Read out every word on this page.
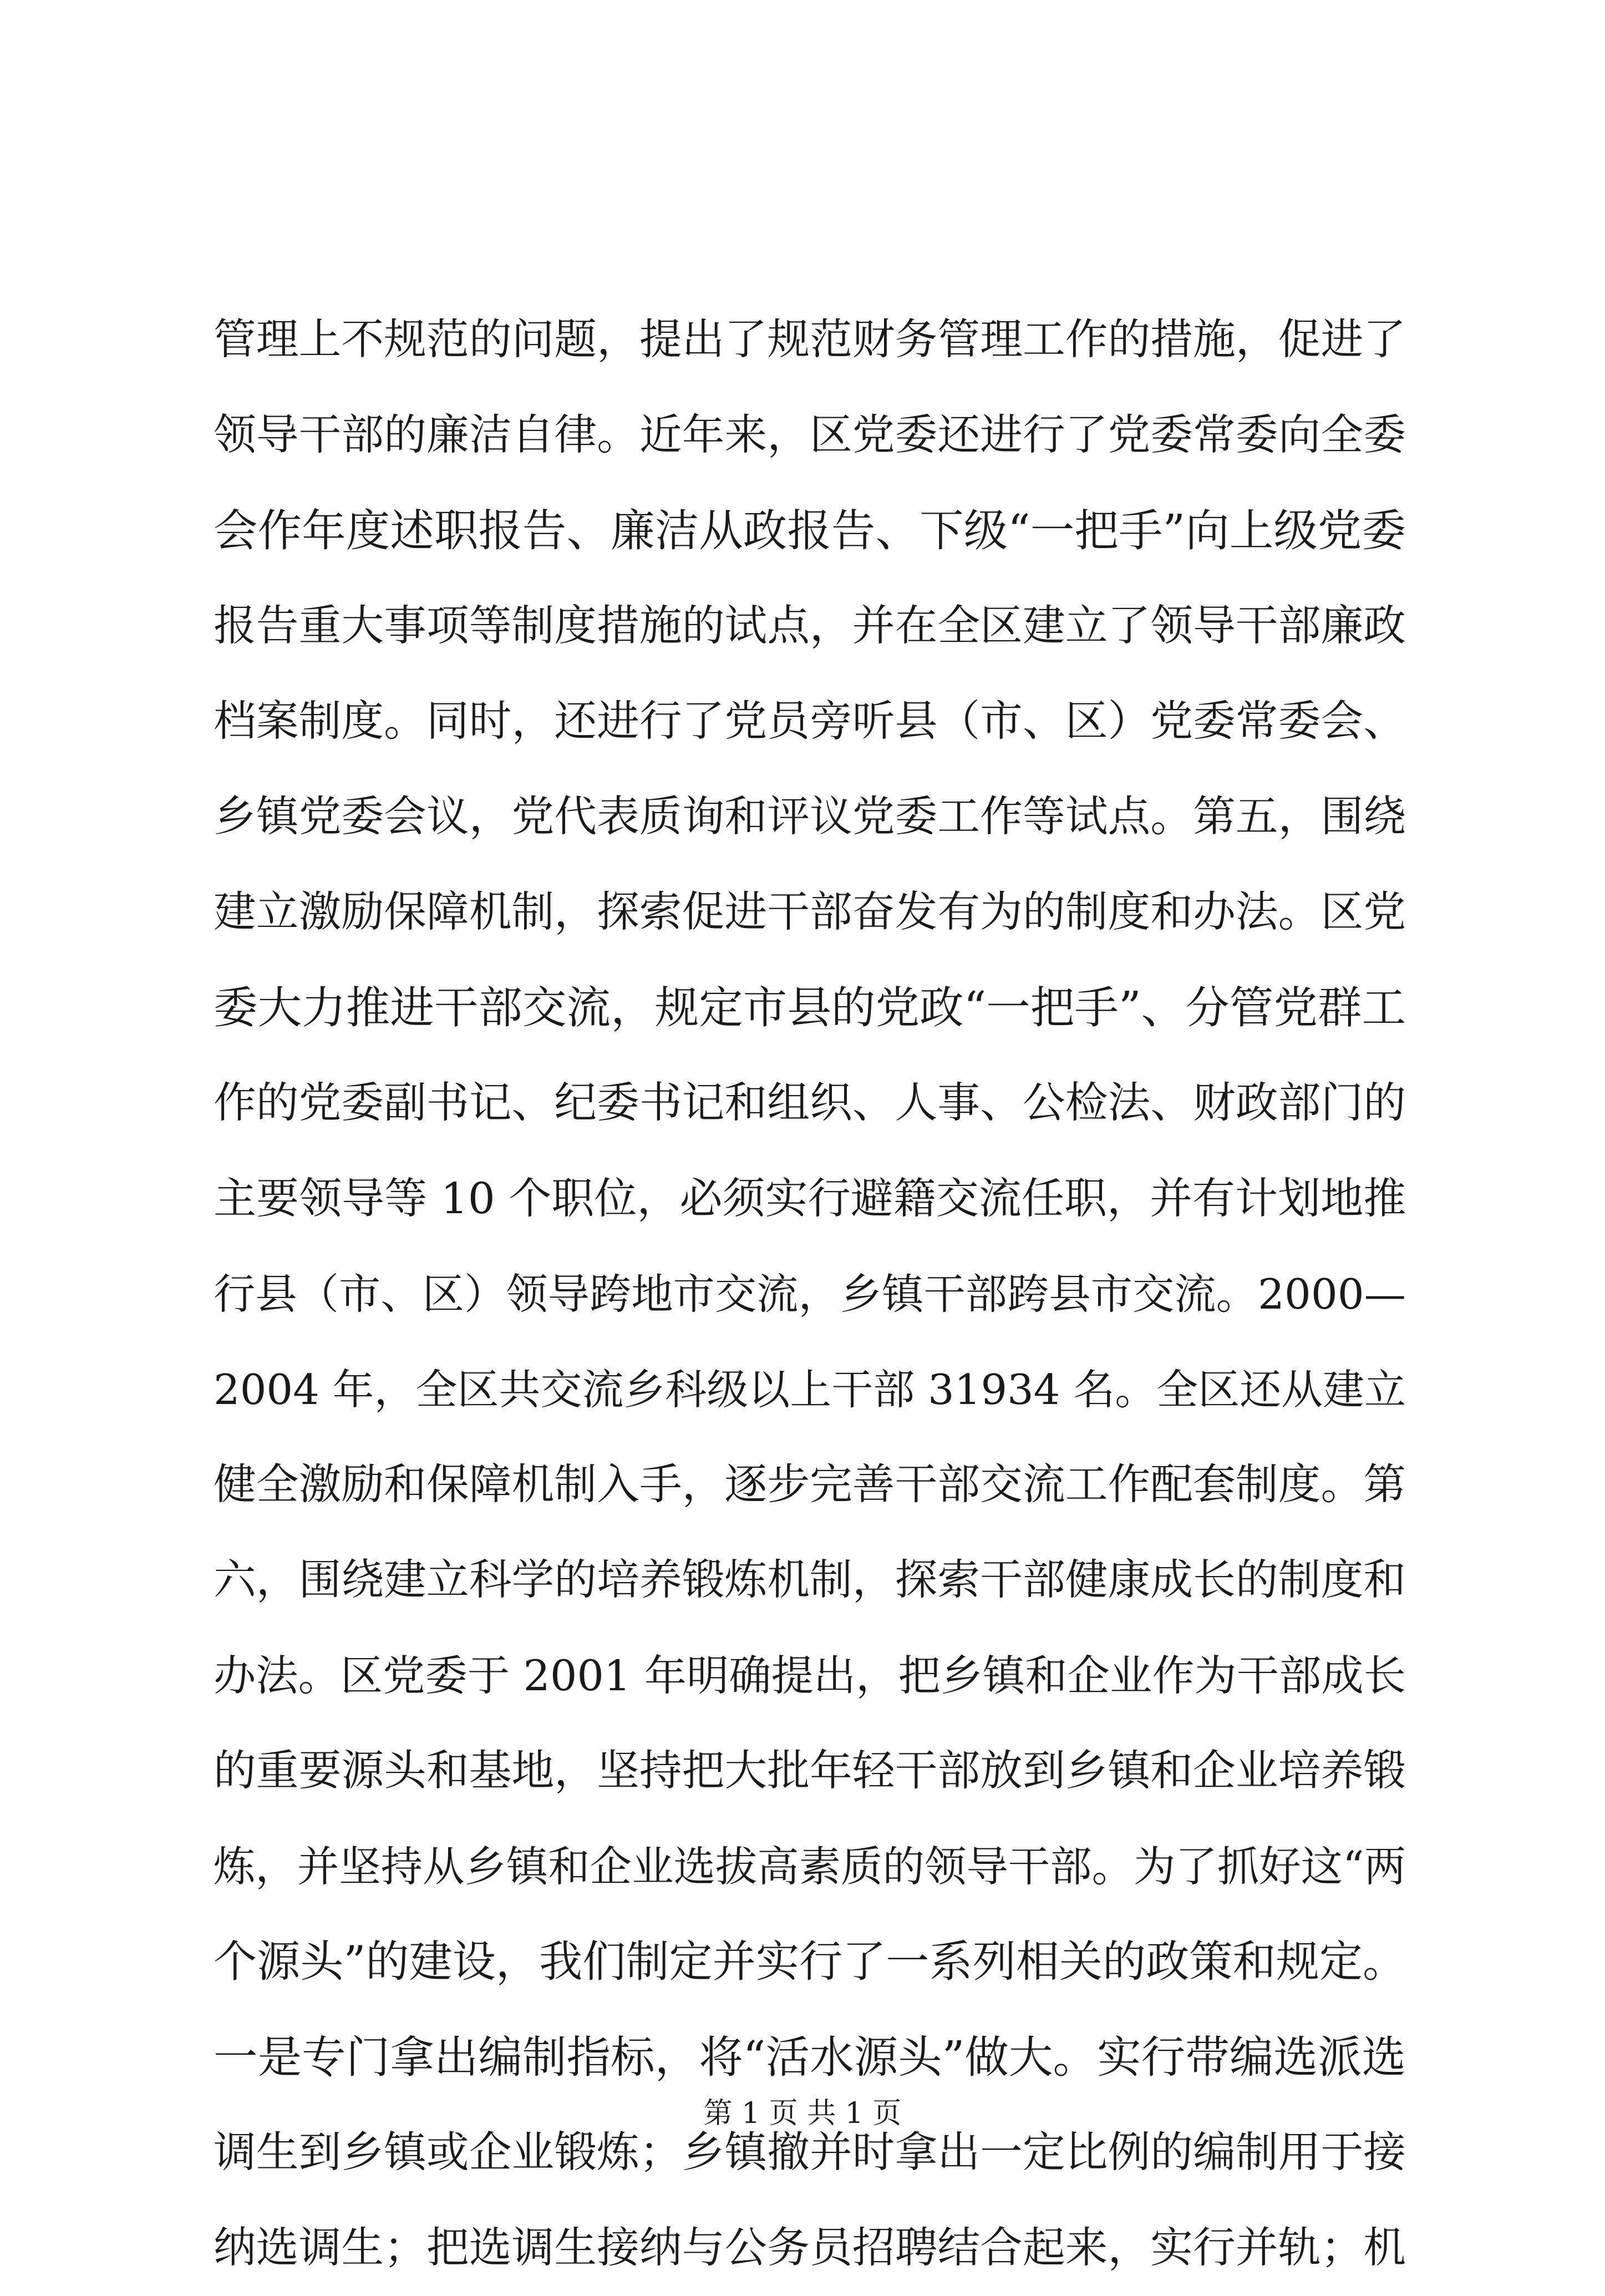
管理上不规范的问题，提出了规范财务管理工作的措施，促进了
领导干部的廉洁自律。近年来，区党委还进行了党委常委向全委
会作年度述职报告、廉洁从政报告、下级“一把手”向上级党委
报告重大事项等制度措施的试点，并在全区建立了领导干部廉政
档案制度。同时，还进行了党员旁听县（市、区）党委常委会、
乡镇党委会议，党代表质询和评议党委工作等试点。第五，围绕
建立激励保障机制，探索促进干部奋发有为的制度和办法。区党
委大力推进干部交流，规定市县的党政“一把手”、分管党群工
作的党委副书记、纪委书记和组织、人事、公检法、财政部门的
主要领导等 10 个职位，必须实行避籍交流任职，并有计划地推
行县（市、区）领导跨地市交流，乡镇干部跨县市交流。2000—
2004 年，全区共交流乡科级以上干部 31934 名。全区还从建立
健全激励和保障机制入手，逐步完善干部交流工作配套制度。第
六，围绕建立科学的培养锻炼机制，探索干部健康成长的制度和
办法。区党委于 2001 年明确提出，把乡镇和企业作为干部成长
的重要源头和基地，坚持把大批年轻干部放到乡镇和企业培养锻
炼，并坚持从乡镇和企业选拔高素质的领导干部。为了抓好这“两
个源头”的建设，我们制定并实行了一系列相关的政策和规定。
一是专门拿出编制指标，将“活水源头”做大。实行带编选派选
调生到乡镇或企业锻炼；乡镇撤并时拿出一定比例的编制用于接
纳选调生；把选调生接纳与公务员招聘结合起来，实行并轨；机
第 1 页 共 1 页
